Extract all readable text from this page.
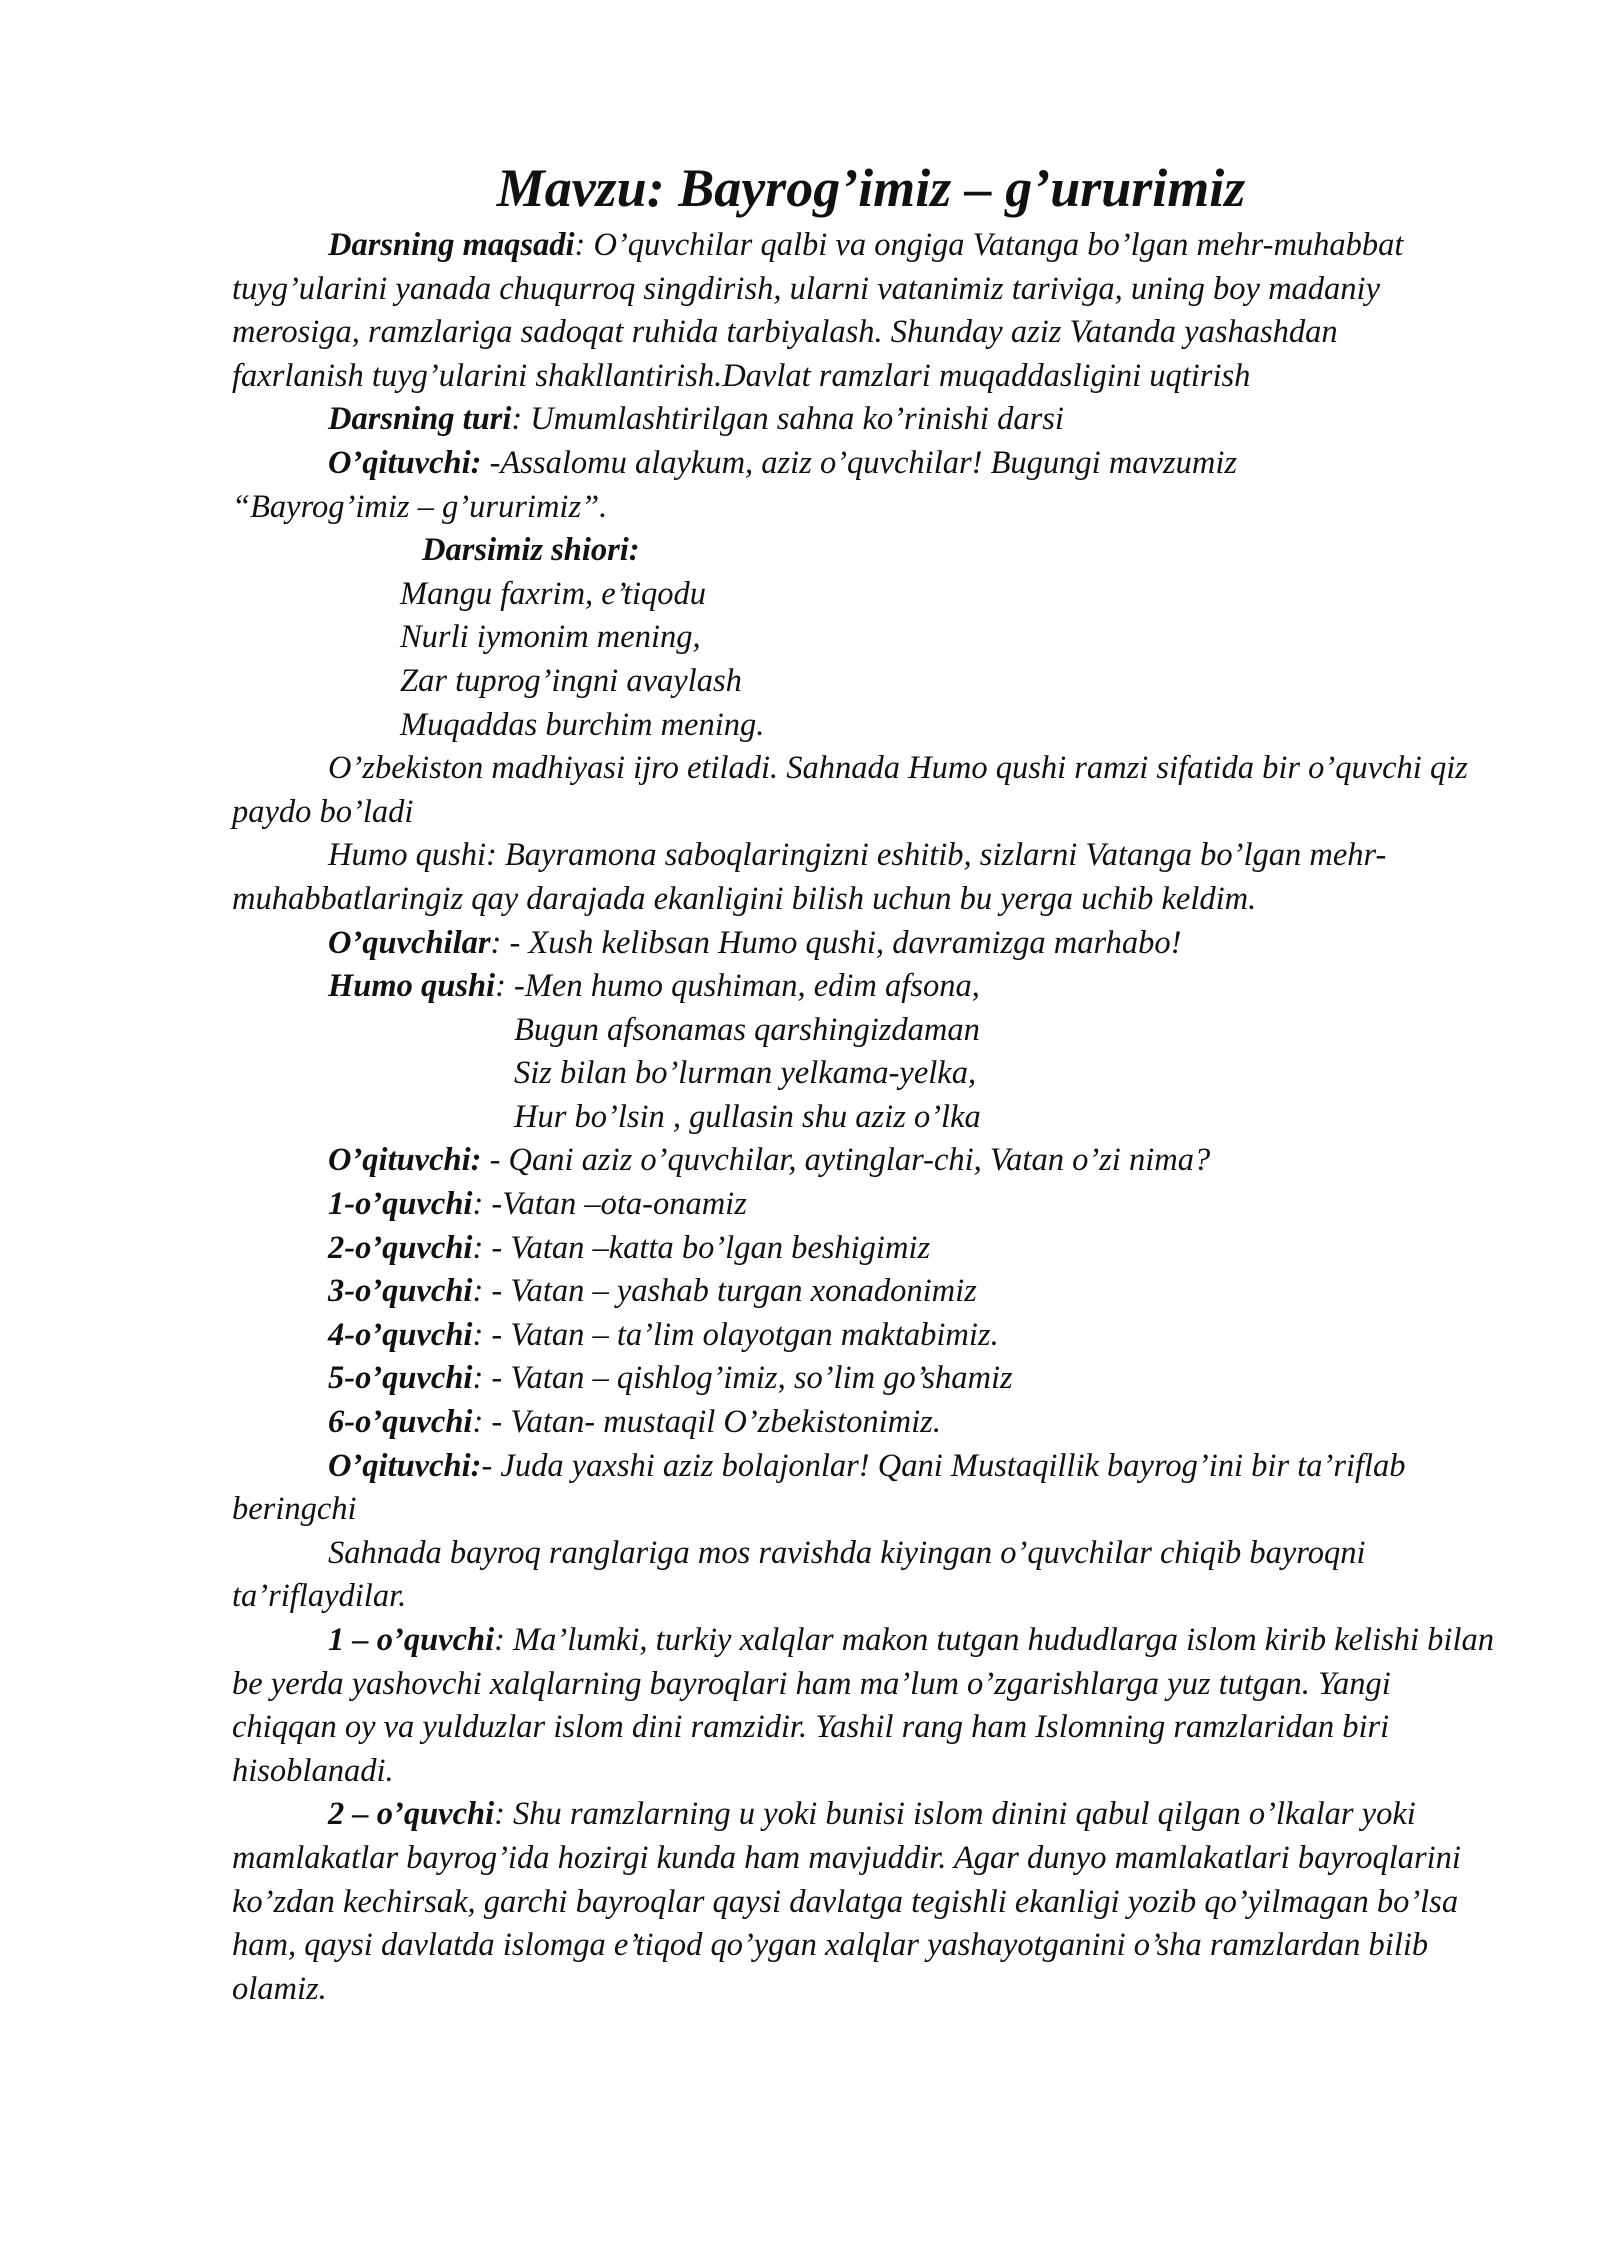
Mavzu: Bayrog’imiz – g’ururimiz

Darsning maqsadi: O’quvchilar qalbi va ongiga Vatanga bo’lgan mehr-muhabbat tuyg’ularini yanada chuqurroq singdirish, ularni vatanimiz tariviga, uning boy madaniy merosiga, ramzlariga sadoqat ruhida tarbiyalash. Shunday aziz Vatanda yashashdan faxrlanish tuyg’ularini shakllantirish.Davlat ramzlari muqaddasligini uqtirish

Darsning turi: Umumlashtirilgan sahna ko’rinishi darsi

O’qituvchi: -Assalomu alaykum, aziz o’quvchilar! Bugungi mavzumiz “Bayrog’imiz – g’ururimiz”.

Darsimiz shiori:

Mangu faxrim, e’tiqodu

Nurli iymonim mening,

Zar tuprog’ingni avaylash

Muqaddas burchim mening.

O’zbekiston madhiyasi ijro etiladi. Sahnada Humo qushi ramzi sifatida bir o’quvchi qiz paydo bo’ladi

Humo qushi: Bayramona saboqlaringizni eshitib, sizlarni Vatanga bo’lgan mehr-muhabbatlaringiz qay darajada ekanligini bilish uchun bu yerga uchib keldim.

O’quvchilar: - Xush kelibsan Humo qushi, davramizga marhabo!

Humo qushi: -Men humo qushiman, edim afsona,

Bugun afsonamas qarshingizdaman

Siz bilan bo’lurman yelkama-yelka,

Hur bo’lsin , gullasin shu aziz o’lka

O’qituvchi: - Qani aziz o’quvchilar, aytinglar-chi, Vatan o’zi nima?

1-o’quvchi: -Vatan –ota-onamiz

2-o’quvchi: - Vatan –katta bo’lgan beshigimiz

3-o’quvchi: - Vatan – yashab turgan xonadonimiz

4-o’quvchi: - Vatan – ta’lim olayotgan maktabimiz.

5-o’quvchi: - Vatan – qishlog’imiz, so’lim go’shamiz

6-o’quvchi: - Vatan- mustaqil O’zbekistonimiz.

O’qituvchi:- Juda yaxshi aziz bolajonlar! Qani Mustaqillik bayrog’ini bir ta’riflab beringchi

Sahnada bayroq ranglariga mos ravishda kiyingan o’quvchilar chiqib bayroqni ta’riflaydilar.

1 – o’quvchi: Ma’lumki, turkiy xalqlar makon tutgan hududlarga islom kirib kelishi bilan be yerda yashovchi xalqlarning bayroqlari ham ma’lum o’zgarishlarga yuz tutgan. Yangi chiqqan oy va yulduzlar islom dini ramzidir. Yashil rang ham Islomning ramzlaridan biri hisoblanadi.

2 – o’quvchi: Shu ramzlarning u yoki bunisi islom dinini qabul qilgan o’lkalar yoki mamlakatlar bayrog’ida hozirgi kunda ham mavjuddir. Agar dunyo mamlakatlari bayroqlarini ko’zdan kechirsak, garchi bayroqlar qaysi davlatga tegishli ekanligi yozib qo’yilmagan bo’lsa ham, qaysi davlatda islomga e’tiqod qo’ygan xalqlar yashayotganini o’sha ramzlardan bilib olamiz.
